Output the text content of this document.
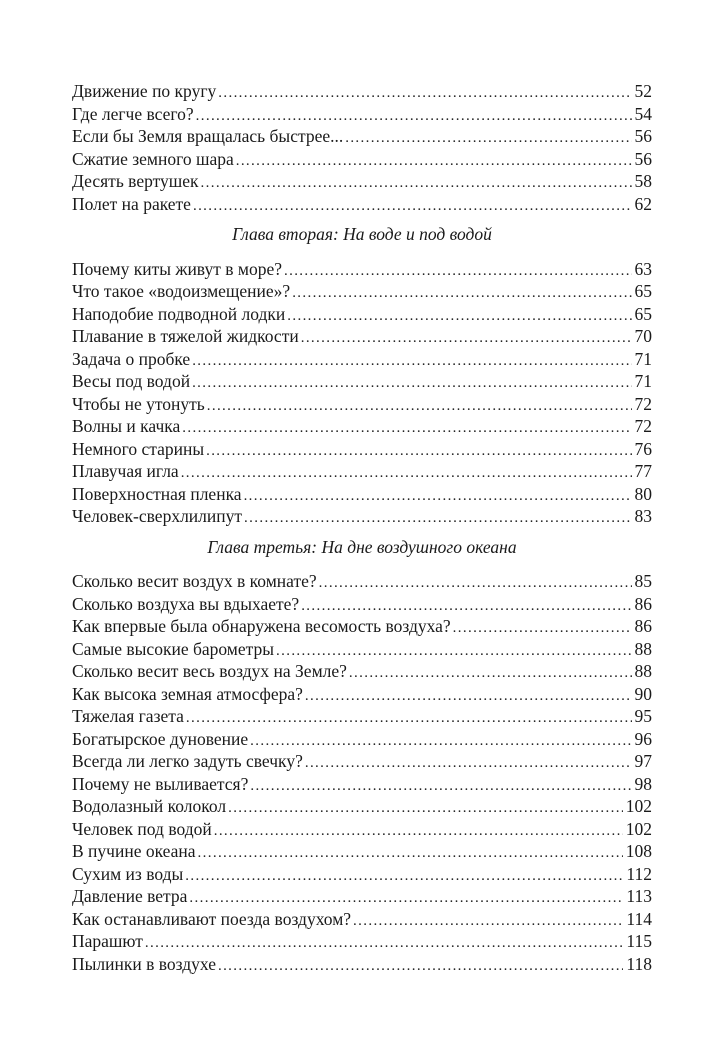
Движение по кругу . . .	52
Где легче всего? . . .	54
Если бы Земля вращалась быстрее... . . .	56
Сжатие земного шара . . .	56
Десять вертушек . . .	58
Полет на ракете . . .	62
Глава вторая: На воде и под водой
Почему киты живут в море? . . .	63
Что такое «водоизмещение»? . . .	65
Наподобие подводной лодки . . .	65
Плавание в тяжелой жидкости . . .	70
Задача о пробке . . .	71
Весы под водой . . .	71
Чтобы не утонуть . . .	72
Волны и качка . . .	72
Немного старины . . .	76
Плавучая игла . . .	77
Поверхностная пленка . . .	80
Человек-сверхлилипут . . .	83
Глава третья: На дне воздушного океана
Сколько весит воздух в комнате? . . .	85
Сколько воздуха вы вдыхаете? . . .	86
Как впервые была обнаружена весомость воздуха? . . .	86
Самые высокие барометры . . .	88
Сколько весит весь воздух на Земле? . . .	88
Как высока земная атмосфера? . . .	90
Тяжелая газета . . .	95
Богатырское дуновение . . .	96
Всегда ли легко задуть свечку? . . .	97
Почему не выливается? . . .	98
Водолазный колокол . . .	102
Человек под водой . . .	102
В пучине океана . . .	108
Сухим из воды . . .	112
Давление ветра . . .	113
Как останавливают поезда воздухом? . . .	114
Парашют . . .	115
Пылинки в воздухе . . .	118
